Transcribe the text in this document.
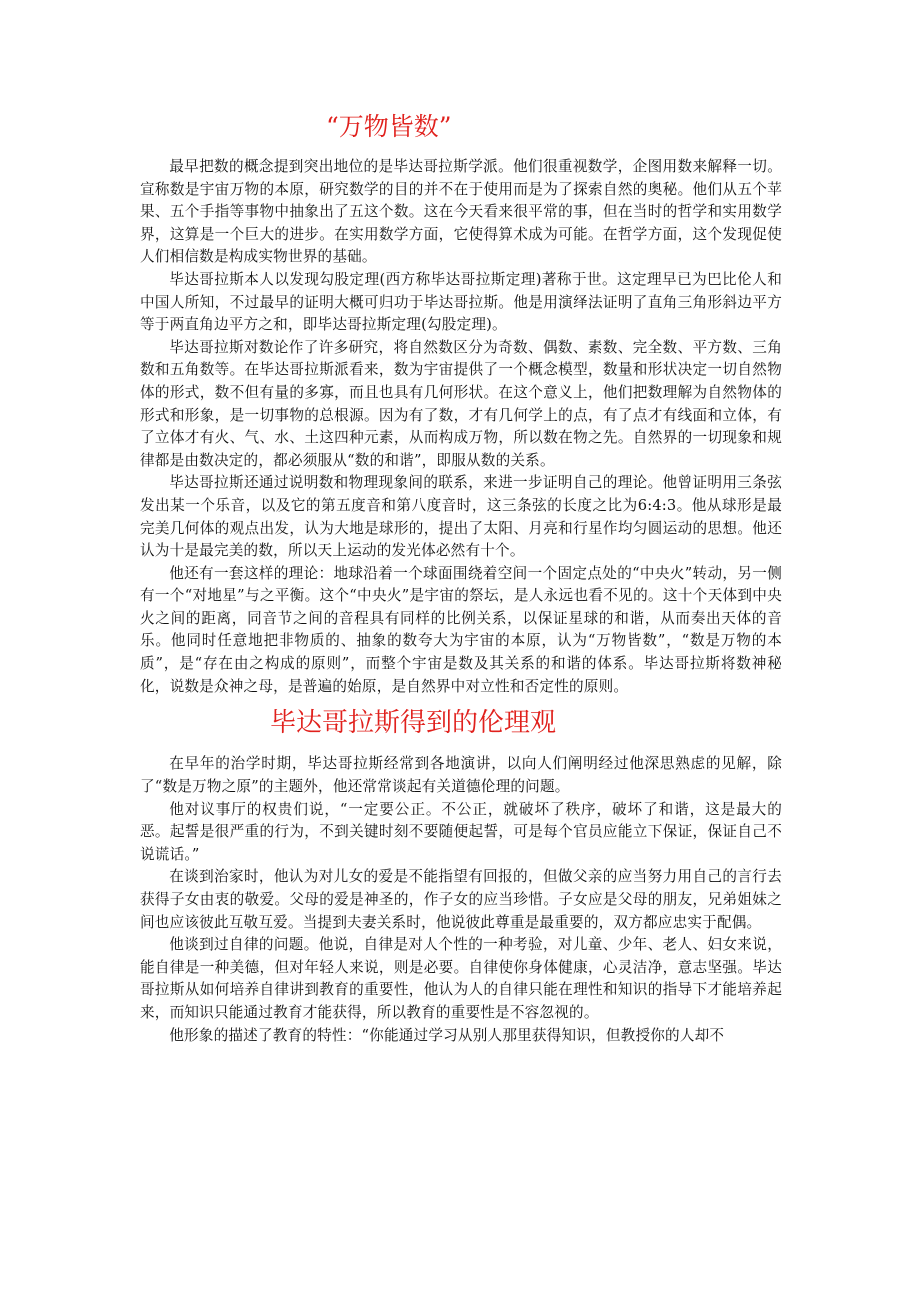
“万物皆数”

最早把数的概念提到突出地位的是毕达哥拉斯学派。他们很重视数学，企图用数来解释一切。宣称数是宇宙万物的本原，研究数学的目的并不在于使用而是为了探索自然的奥秘。他们从五个苹果、五个手指等事物中抽象出了五这个数。这在今天看来很平常的事，但在当时的哲学和实用数学界，这算是一个巨大的进步。在实用数学方面，它使得算术成为可能。在哲学方面，这个发现促使人们相信数是构成实物世界的基础。

毕达哥拉斯本人以发现勾股定理(西方称毕达哥拉斯定理)著称于世。这定理早已为巴比伦人和中国人所知，不过最早的证明大概可归功于毕达哥拉斯。他是用演绎法证明了直角三角形斜边平方等于两直角边平方之和，即毕达哥拉斯定理(勾股定理)。

毕达哥拉斯对数论作了许多研究，将自然数区分为奇数、偶数、素数、完全数、平方数、三角数和五角数等。在毕达哥拉斯派看来，数为宇宙提供了一个概念模型，数量和形状决定一切自然物体的形式，数不但有量的多寡，而且也具有几何形状。在这个意义上，他们把数理解为自然物体的形式和形象，是一切事物的总根源。因为有了数，才有几何学上的点，有了点才有线面和立体，有了立体才有火、气、水、土这四种元素，从而构成万物，所以数在物之先。自然界的一切现象和规律都是由数决定的，都必须服从“数的和谐”，即服从数的关系。

毕达哥拉斯还通过说明数和物理现象间的联系，来进一步证明自己的理论。他曾证明用三条弦发出某一个乐音，以及它的第五度音和第八度音时，这三条弦的长度之比为6:4:3。他从球形是最完美几何体的观点出发，认为大地是球形的，提出了太阳、月亮和行星作均匀圆运动的思想。他还认为十是最完美的数，所以天上运动的发光体必然有十个。

他还有一套这样的理论：地球沿着一个球面围绕着空间一个固定点处的“中央火”转动，另一侧有一个“对地星”与之平衡。这个“中央火”是宇宙的祭坛，是人永远也看不见的。这十个天体到中央火之间的距离，同音节之间的音程具有同样的比例关系，以保证星球的和谐，从而奏出天体的音乐。他同时任意地把非物质的、抽象的数夸大为宇宙的本原，认为“万物皆数”，“数是万物的本质”，是“存在由之构成的原则”，而整个宇宙是数及其关系的和谐的体系。毕达哥拉斯将数神秘化，说数是众神之母，是普遍的始原，是自然界中对立性和否定性的原则。

毕达哥拉斯得到的伦理观

在早年的治学时期，毕达哥拉斯经常到各地演讲，以向人们阐明经过他深思熟虑的见解，除了“数是万物之原”的主题外，他还常常谈起有关道德伦理的问题。

他对议事厅的权贵们说，“一定要公正。不公正，就破坏了秩序，破坏了和谐，这是最大的恶。起誓是很严重的行为，不到关键时刻不要随便起誓，可是每个官员应能立下保证，保证自己不说谎话。”

在谈到治家时，他认为对儿女的爱是不能指望有回报的，但做父亲的应当努力用自己的言行去获得子女由衷的敬爱。父母的爱是神圣的，作子女的应当珍惜。子女应是父母的朋友，兄弟姐妹之间也应该彼此互敬互爱。当提到夫妻关系时，他说彼此尊重是最重要的，双方都应忠实于配偶。

他谈到过自律的问题。他说，自律是对人个性的一种考验，对儿童、少年、老人、妇女来说，能自律是一种美德，但对年轻人来说，则是必要。自律使你身体健康，心灵洁净，意志坚强。毕达哥拉斯从如何培养自律讲到教育的重要性，他认为人的自律只能在理性和知识的指导下才能培养起来，而知识只能通过教育才能获得，所以教育的重要性是不容忽视的。

他形象的描述了教育的特性：“你能通过学习从别人那里获得知识，但教授你的人却不
